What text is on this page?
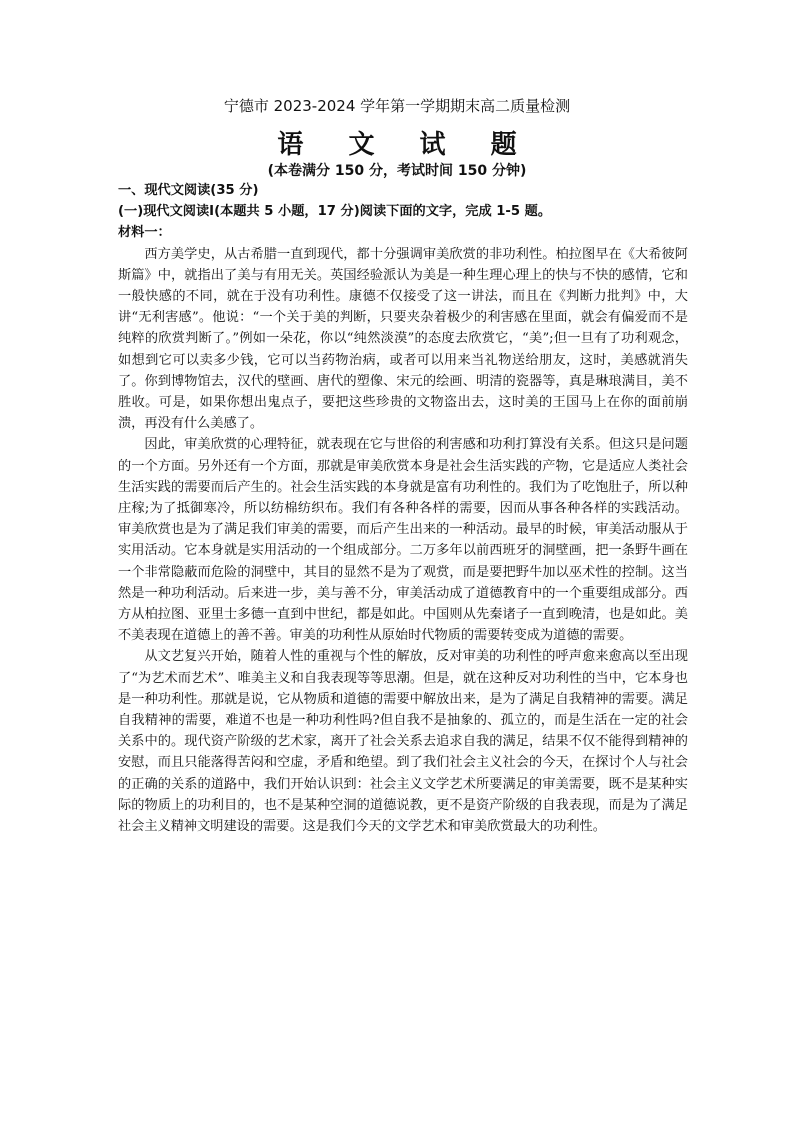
宁德市 2023-2024 学年第一学期期末高二质量检测
语 文 试 题
(本卷满分 150 分，考试时间 150 分钟)

一、现代文阅读(35 分)

(一)现代文阅读Ⅰ(本题共 5 小题，17 分)阅读下面的文字，完成 1-5 题。

材料一：

西方美学史，从古希腊一直到现代，都十分强调审美欣赏的非功利性。柏拉图早在《大希彼阿斯篇》中，就指出了美与有用无关。英国经验派认为美是一种生理心理上的快与不快的感情，它和一般快感的不同，就在于没有功利性。康德不仅接受了这一讲法，而且在《判断力批判》中，大讲“无利害感”。他说：“一个关于美的判断，只要夹杂着极少的利害感在里面，就会有偏爱而不是纯粹的欣赏判断了。”例如一朵花，你以“纯然淡漠”的态度去欣赏它，“美”;但一旦有了功利观念，如想到它可以卖多少钱，它可以当药物治病，或者可以用来当礼物送给朋友，这时，美感就消失了。你到博物馆去，汉代的壁画、唐代的塑像、宋元的绘画、明清的瓷器等，真是琳琅满目，美不胜收。可是，如果你想出鬼点子，要把这些珍贵的文物盗出去，这时美的王国马上在你的面前崩溃，再没有什么美感了。

因此，审美欣赏的心理特征，就表现在它与世俗的利害感和功利打算没有关系。但这只是问题的一个方面。另外还有一个方面，那就是审美欣赏本身是社会生活实践的产物，它是适应人类社会生活实践的需要而后产生的。社会生活实践的本身就是富有功利性的。我们为了吃饱肚子，所以种庄稼;为了抵御寒冷，所以纺棉纺织布。我们有各种各样的需要，因而从事各种各样的实践活动。审美欣赏也是为了满足我们审美的需要，而后产生出来的一种活动。最早的时候，审美活动服从于实用活动。它本身就是实用活动的一个组成部分。二万多年以前西班牙的洞壁画，把一条野牛画在一个非常隐蔽而危险的洞壁中，其目的显然不是为了观赏，而是要把野牛加以巫术性的控制。这当然是一种功利活动。后来进一步，美与善不分，审美活动成了道德教育中的一个重要组成部分。西方从柏拉图、亚里士多德一直到中世纪，都是如此。中国则从先秦诸子一直到晚清，也是如此。美不美表现在道德上的善不善。审美的功利性从原始时代物质的需要转变成为道德的需要。

从文艺复兴开始，随着人性的重视与个性的解放，反对审美的功利性的呼声愈来愈高以至出现了“为艺术而艺术”、唯美主义和自我表现等等思潮。但是，就在这种反对功利性的当中，它本身也是一种功利性。那就是说，它从物质和道德的需要中解放出来，是为了满足自我精神的需要。满足自我精神的需要，难道不也是一种功利性吗?但自我不是抽象的、孤立的，而是生活在一定的社会关系中的。现代资产阶级的艺术家，离开了社会关系去追求自我的满足，结果不仅不能得到精神的安慰，而且只能落得苦闷和空虚，矛盾和绝望。到了我们社会主义社会的今天，在探讨个人与社会的正确的关系的道路中，我们开始认识到：社会主义文学艺术所要满足的审美需要，既不是某种实际的物质上的功利目的，也不是某种空洞的道德说教，更不是资产阶级的自我表现，而是为了满足社会主义精神文明建设的需要。这是我们今天的文学艺术和审美欣赏最大的功利性。
